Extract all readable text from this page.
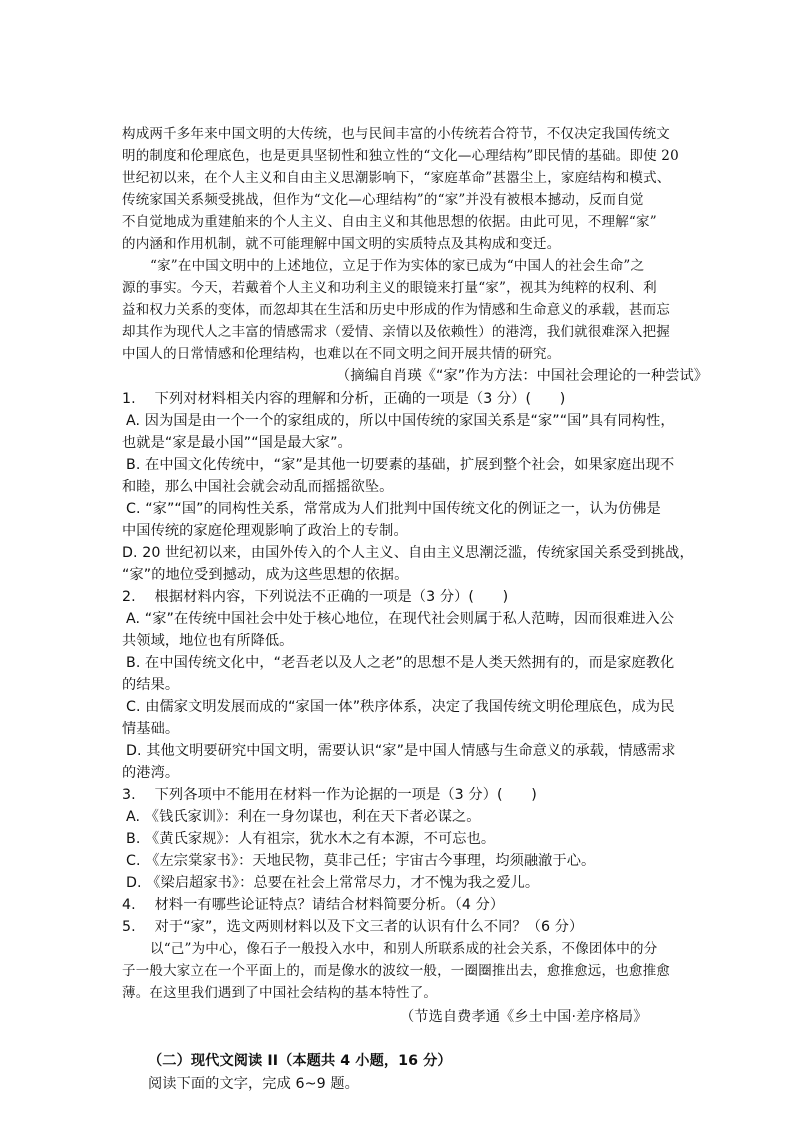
构成两千多年来中国文明的大传统，也与民间丰富的小传统若合符节，不仅决定我国传统文
明的制度和伦理底色，也是更具坚韧性和独立性的“文化—心理结构”即民情的基础。即使 20
世纪初以来，在个人主义和自由主义思潮影响下，“家庭革命”甚嚣尘上，家庭结构和模式、
传统家国关系频受挑战，但作为“文化—心理结构”的“家”并没有被根本撼动，反而自觉
不自觉地成为重建舶来的个人主义、自由主义和其他思想的依据。由此可见，不理解“家”
的内涵和作用机制，就不可能理解中国文明的实质特点及其构成和变迁。
“家”在中国文明中的上述地位，立足于作为实体的家已成为“中国人的社会生命”之
源的事实。今天，若戴着个人主义和功利主义的眼镜来打量“家”，视其为纯粹的权利、利
益和权力关系的变体，而忽却其在生活和历史中形成的作为情感和生命意义的承载，甚而忘
却其作为现代人之丰富的情感需求（爱情、亲情以及依赖性）的港湾，我们就很难深入把握
中国人的日常情感和伦理结构，也难以在不同文明之间开展共情的研究。
（摘编自肖瑛《“家”作为方法：中国社会理论的一种尝试》
1.  下列对材料相关内容的理解和分析，正确的一项是（3 分）(  )
A. 因为国是由一个一个的家组成的，所以中国传统的家国关系是“家”“国”具有同构性，
也就是“家是最小国”“国是最大家”。
B. 在中国文化传统中，“家”是其他一切要素的基础，扩展到整个社会，如果家庭出现不
和睦，那么中国社会就会动乱而摇摇欲坠。
C. “家”“国”的同构性关系，常常成为人们批判中国传统文化的例证之一，认为仿佛是
中国传统的家庭伦理观影响了政治上的专制。
D. 20 世纪初以来，由国外传入的个人主义、自由主义思潮泛滥，传统家国关系受到挑战，
“家”的地位受到撼动，成为这些思想的依据。
2.  根据材料内容，下列说法不正确的一项是（3 分）(  )
A. “家”在传统中国社会中处于核心地位，在现代社会则属于私人范畴，因而很难进入公
共领域，地位也有所降低。
B. 在中国传统文化中，“老吾老以及人之老”的思想不是人类天然拥有的，而是家庭教化
的结果。
C. 由儒家文明发展而成的“家国一体”秩序体系，决定了我国传统文明伦理底色，成为民
情基础。
D. 其他文明要研究中国文明，需要认识“家”是中国人情感与生命意义的承载，情感需求
的港湾。
3.  下列各项中不能用在材料一作为论据的一项是（3 分）(  )
A. 《钱氏家训》：利在一身勿谋也，利在天下者必谋之。
B. 《黄氏家规》：人有祖宗，犹水木之有本源，不可忘也。
C. 《左宗棠家书》：天地民物，莫非己任；宇宙古今事理，均须融澈于心。
D. 《梁启超家书》：总要在社会上常常尽力，才不愧为我之爱儿。
4.  材料一有哪些论证特点？请结合材料简要分析。（4 分）
5.  对于“家”，选文两则材料以及下文三者的认识有什么不同？（6 分）
以“己”为中心，像石子一般投入水中，和别人所联系成的社会关系，不像团体中的分
子一般大家立在一个平面上的，而是像水的波纹一般，一圈圈推出去，愈推愈远，也愈推愈
薄。在这里我们遇到了中国社会结构的基本特性了。
（节选自费孝通《乡土中国·差序格局》
（二）现代文阅读 II（本题共 4 小题，16 分）
阅读下面的文字，完成 6~9 题。
